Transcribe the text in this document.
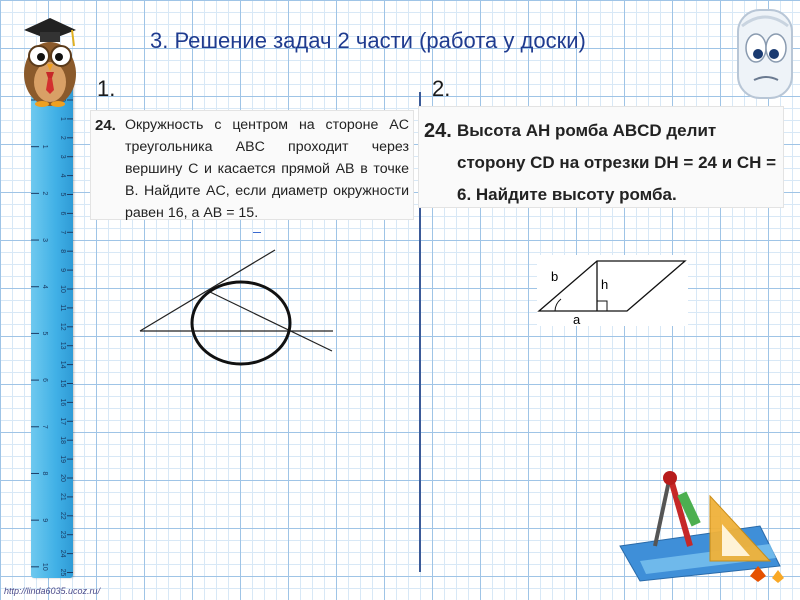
3. Решение задач 2 части (работа у доски)
1.	2.
1
2
3
4
5
6
7
8
9
10
11
12
13
14
15
16
17
18
19
20
21
22
23
24
25
1
2
3
4
5
6
7
8
9
10
24. Окружность с центром на стороне AC треугольника ABC проходит через вершину C и касается прямой AB в точке B. Найдите AC, если диаметр окружности равен 16, а AB = 15.
24. Высота AH ромба ABCD делит сторону CD на отрезки DH = 24 и CH = 6. Найдите высоту ромба.
b
h
a
http://linda6035.ucoz.ru/
